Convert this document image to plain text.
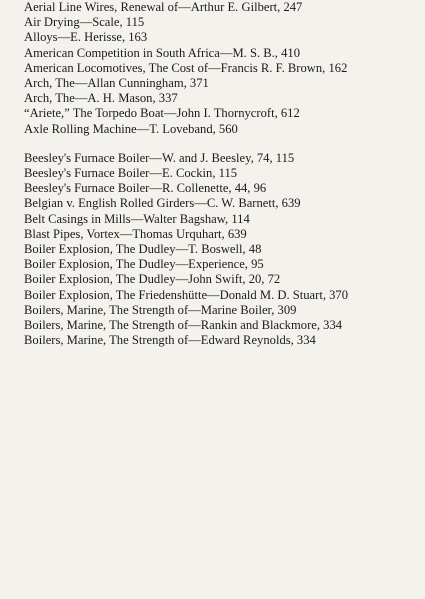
Aerial Line Wires, Renewal of—Arthur E. Gilbert, 247

Air Drying—Scale, 115

Alloys—E. Herisse, 163

American Competition in South Africa—M. S. B., 410

American Locomotives, The Cost of—Francis R. F. Brown, 162

Arch, The—Allan Cunningham, 371

Arch, The—A. H. Mason, 337

“Ariete,” The Torpedo Boat—John I. Thornycroft, 612

Axle Rolling Machine—T. Loveband, 560

Beesley's Furnace Boiler—W. and J. Beesley, 74, 115

Beesley's Furnace Boiler—E. Cockin, 115

Beesley's Furnace Boiler—R. Collenette, 44, 96

Belgian v. English Rolled Girders—C. W. Barnett, 639

Belt Casings in Mills—Walter Bagshaw, 114

Blast Pipes, Vortex—Thomas Urquhart, 639

Boiler Explosion, The Dudley—T. Boswell, 48

Boiler Explosion, The Dudley—Experience, 95

Boiler Explosion, The Dudley—John Swift, 20, 72

Boiler Explosion, The Friedenshütte—Donald M. D. Stuart, 370

Boilers, Marine, The Strength of—Marine Boiler, 309

Boilers, Marine, The Strength of—Rankin and Blackmore, 334

Boilers, Marine, The Strength of—Edward Reynolds, 334
